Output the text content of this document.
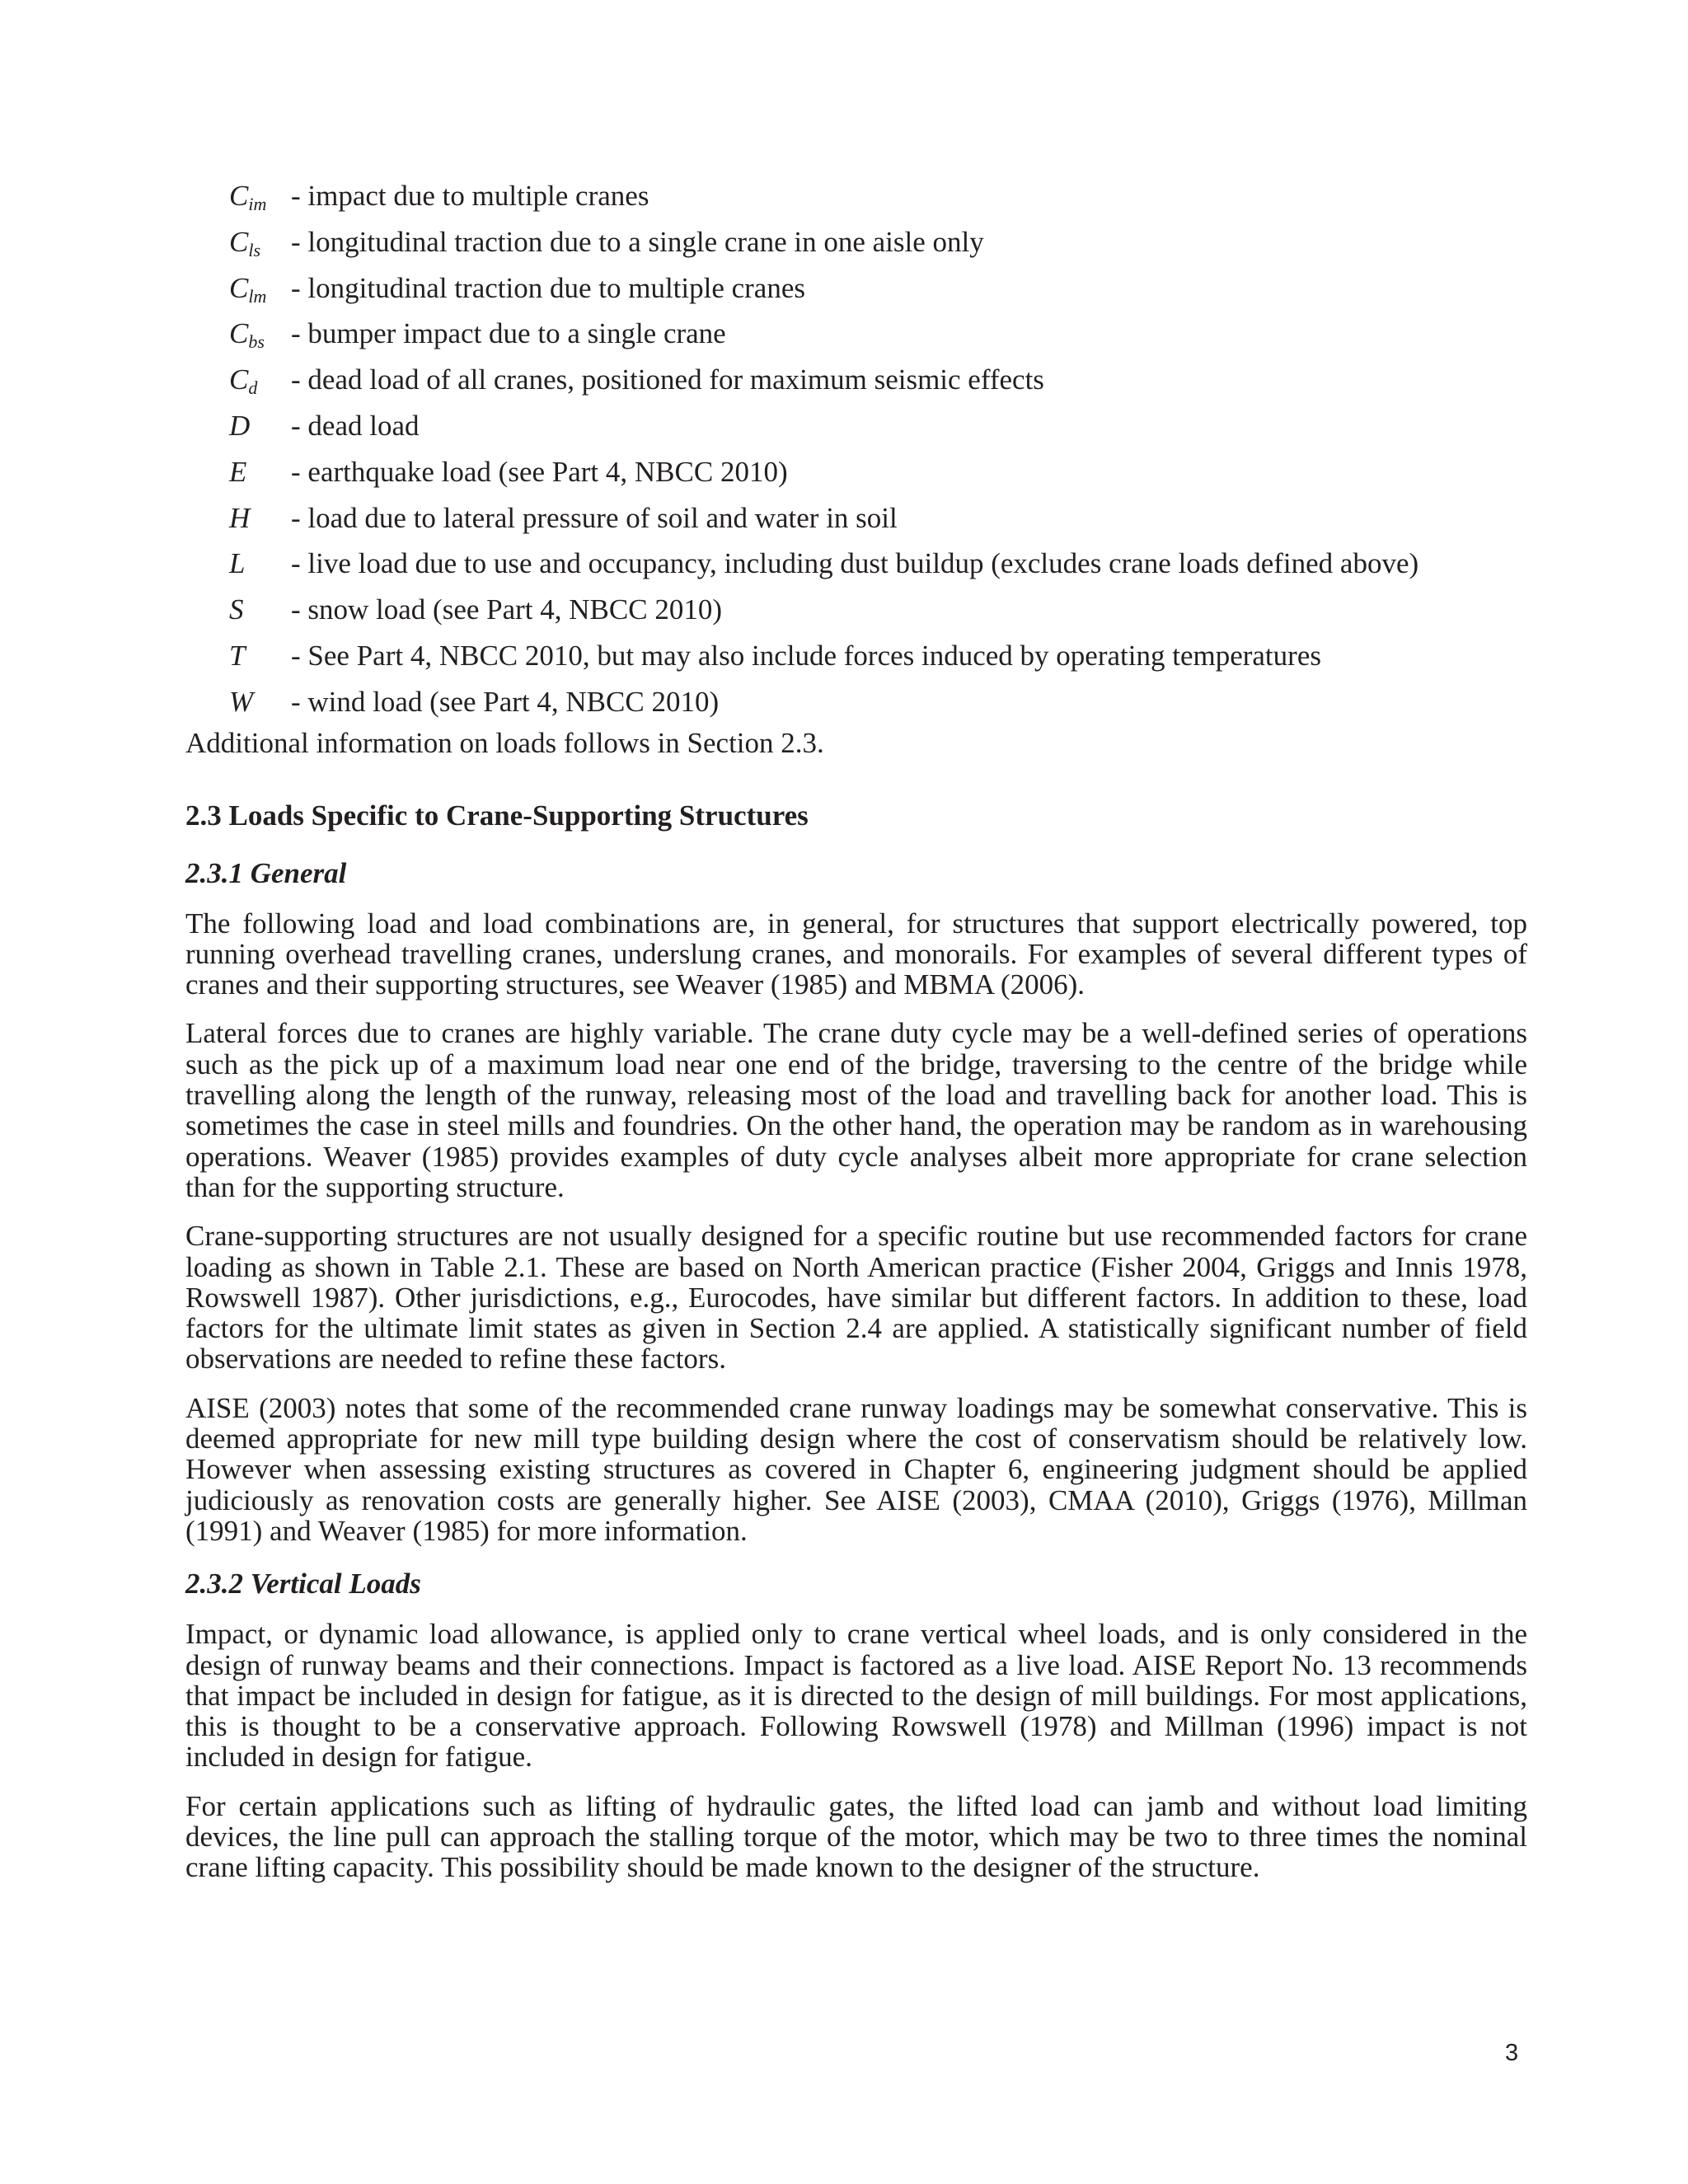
$C_{im}$ - impact due to multiple cranes
$C_{ls}$	- longitudinal traction due to a single crane in one aisle only
$C_{lm}$ - longitudinal traction due to multiple cranes
$C_{bs}$ - bumper impact due to a single crane
$C_d$	- dead load of all cranes, positioned for maximum seismic effects
D	- dead load
E	- earthquake load (see Part 4, NBCC 2010)
H	- load due to lateral pressure of soil and water in soil
L	- live load due to use and occupancy, including dust buildup (excludes crane loads defined above)
S	- snow load (see Part 4, NBCC 2010)
T	- See Part 4, NBCC 2010, but may also include forces induced by operating temperatures
W	- wind load (see Part 4, NBCC 2010)

Additional information on loads follows in Section 2.3.

2.3 Loads Specific to Crane-Supporting Structures
2.3.1 General

The following load and load combinations are, in general, for structures that support electrically powered, top running overhead travelling cranes, underslung cranes, and monorails. For examples of several different types of cranes and their supporting structures, see Weaver (1985) and MBMA (2006).

Lateral forces due to cranes are highly variable. The crane duty cycle may be a well-defined series of operations such as the pick up of a maximum load near one end of the bridge, traversing to the centre of the bridge while travelling along the length of the runway, releasing most of the load and travelling back for another load. This is sometimes the case in steel mills and foundries. On the other hand, the operation may be random as in warehousing operations. Weaver (1985) provides examples of duty cycle analyses albeit more appropriate for crane selection than for the supporting structure.

Crane-supporting structures are not usually designed for a specific routine but use recommended factors for crane loading as shown in Table 2.1. These are based on North American practice (Fisher 2004, Griggs and Innis 1978, Rowswell 1987). Other jurisdictions, e.g., Eurocodes, have similar but different factors. In addition to these, load factors for the ultimate limit states as given in Section 2.4 are applied. A statistically significant number of field observations are needed to refine these factors.

AISE (2003) notes that some of the recommended crane runway loadings may be somewhat conservative. This is deemed appropriate for new mill type building design where the cost of conservatism should be relatively low. However when assessing existing structures as covered in Chapter 6, engineering judgment should be applied judiciously as renovation costs are generally higher. See AISE (2003), CMAA (2010), Griggs (1976), Millman (1991) and Weaver (1985) for more information.

2.3.2 Vertical Loads

Impact, or dynamic load allowance, is applied only to crane vertical wheel loads, and is only considered in the design of runway beams and their connections. Impact is factored as a live load. AISE Report No. 13 recommends that impact be included in design for fatigue, as it is directed to the design of mill buildings. For most applications, this is thought to be a conservative approach. Following Rowswell (1978) and Millman (1996) impact is not included in design for fatigue.

For certain applications such as lifting of hydraulic gates, the lifted load can jamb and without load limiting devices, the line pull can approach the stalling torque of the motor, which may be two to three times the nominal crane lifting capacity. This possibility should be made known to the designer of the structure.

3
